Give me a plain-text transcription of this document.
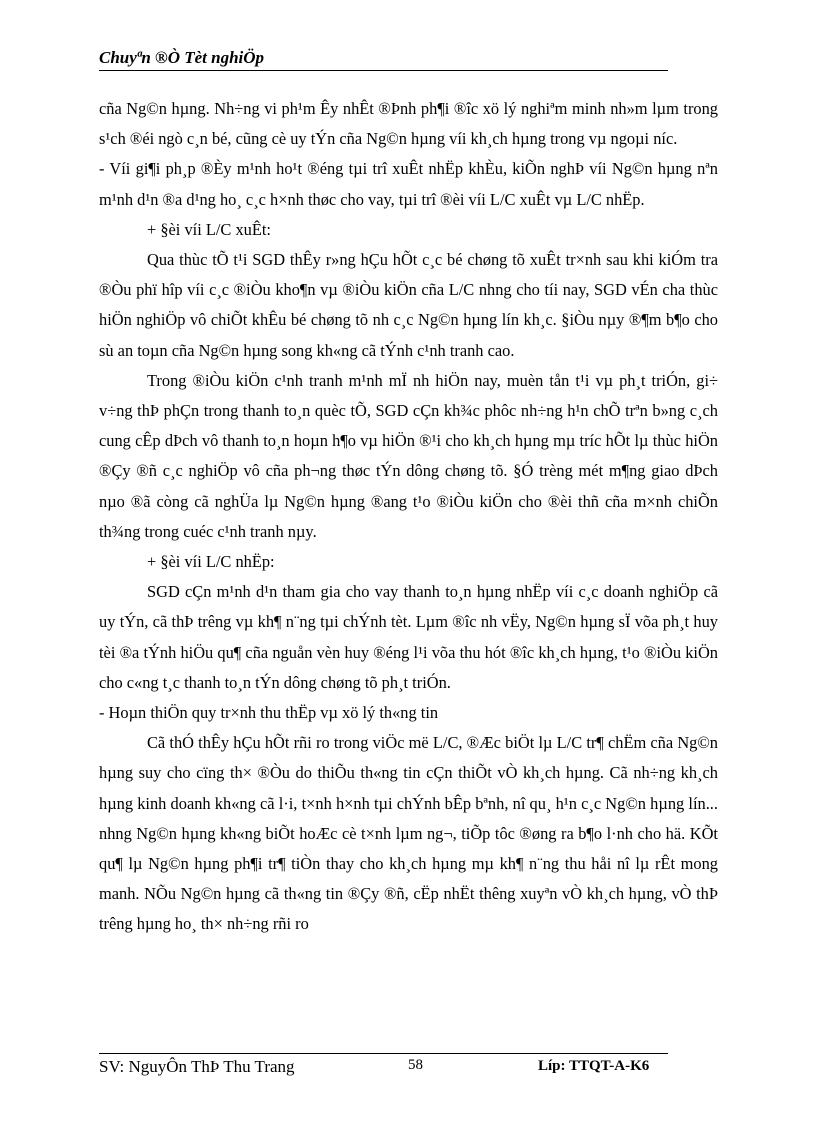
Chuyªn ®Ò Tèt nghiÖp

cña Ng©n hµng. Nh÷ng vi ph¹m Êy nhÊt ®Þnh ph¶i ®îc xö lý nghiªm minh nh»m lµm trong s¹ch ®éi ngò c¸n bé, cũng cè uy tÝn cña Ng©n hµng víi kh¸ch hµng trong vµ ngoµi níc.

- Víi gi¶i ph¸p ®Èy m¹nh ho¹t ®éng tµi trî xuÊt nhËp khÈu, kiÕn nghÞ víi Ng©n hµng nªn m¹nh d¹n ®a d¹ng ho¸ c¸c h×nh thøc cho vay, tµi trî ®èi víi L/C xuÊt vµ L/C nhËp.

+ §èi víi L/C xuÊt:

Qua thùc tÕ t¹i SGD thÊy r»ng hÇu hÕt c¸c bé chøng tõ xuÊt tr×nh sau khi kiÓm tra ®Òu phï hîp víi c¸c ®iÒu kho¶n vµ ®iÒu kiÖn cña L/C nhng cho tíi nay, SGD vÉn cha thùc hiÖn nghiÖp vô chiÕt khÊu bé chøng tõ nh c¸c Ng©n hµng lín kh¸c. §iÒu nµy ®¶m b¶o cho sù an toµn cña Ng©n hµng song kh«ng cã tÝnh c¹nh tranh cao.

Trong ®iÒu kiÖn c¹nh tranh m¹nh mÏ nh hiÖn nay, muèn tån t¹i vµ ph¸t triÓn, gi÷ v÷ng thÞ phÇn trong thanh to¸n quèc tÕ, SGD cÇn kh¾c phôc nh÷ng h¹n chÕ trªn b»ng c¸ch cung cÊp dÞch vô thanh to¸n hoµn h¶o vµ hiÖn ®¹i cho kh¸ch hµng mµ tríc hÕt lµ thùc hiÖn ®Çy ®ñ c¸c nghiÖp vô cña ph¬ng thøc tÝn dông chøng tõ. §Ó trèng mét m¶ng giao dÞch nµo ®ã còng cã nghÜa lµ Ng©n hµng ®ang t¹o ®iÒu kiÖn cho ®èi thñ cña m×nh chiÕn th¾ng trong cuéc c¹nh tranh nµy.

+ §èi víi L/C nhËp:

SGD cÇn m¹nh d¹n tham gia cho vay thanh to¸n hµng nhËp víi c¸c doanh nghiÖp cã uy tÝn, cã thÞ trêng vµ kh¶ n¨ng tµi chÝnh tèt. Lµm ®îc nh vËy, Ng©n hµng sÏ võa ph¸t huy tèi ®a tÝnh hiÖu qu¶ cña nguån vèn huy ®éng l¹i võa thu hót ®îc kh¸ch hµng, t¹o ®iÒu kiÖn cho c«ng t¸c thanh to¸n tÝn dông chøng tõ ph¸t triÓn.

- Hoµn thiÖn quy tr×nh thu thËp vµ xö lý th«ng tin

Cã thÓ thÊy hÇu hÕt rñi ro trong viÖc më L/C, ®Æc biÖt lµ L/C tr¶ chËm cña Ng©n hµng suy cho cïng th× ®Òu do thiÕu th«ng tin cÇn thiÕt vÒ kh¸ch hµng. Cã nh÷ng kh¸ch hµng kinh doanh kh«ng cã l·i, t×nh h×nh tµi chÝnh bÊp bªnh, nî qu¸ h¹n c¸c Ng©n hµng lín... nhng Ng©n hµng kh«ng biÕt hoÆc cè t×nh lµm ng¬, tiÕp tôc ®øng ra b¶o l·nh cho hä. KÕt qu¶ lµ Ng©n hµng ph¶i tr¶ tiÒn thay cho kh¸ch hµng mµ kh¶ n¨ng thu håi nî lµ rÊt mong manh. NÕu Ng©n hµng cã th«ng tin ®Çy ®ñ, cËp nhËt thêng xuyªn vÒ kh¸ch hµng, vÒ thÞ trêng hµng ho¸ th× nh÷ng rñi ro

SV: NguyÔn ThÞ Thu Trang	58	Líp: TTQT-A-K6
